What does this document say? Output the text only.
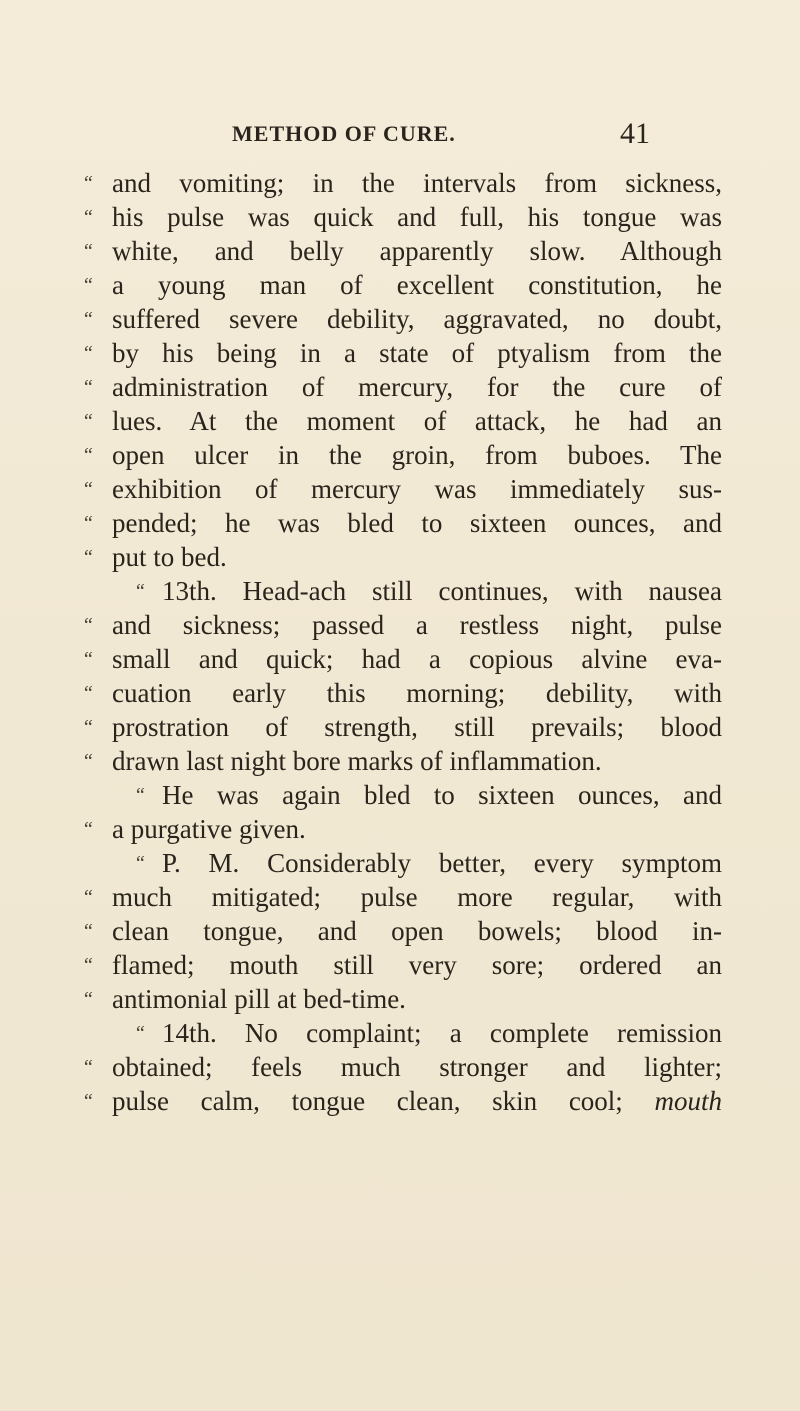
METHOD OF CURE.	41
“ and vomiting; in the intervals from sickness,
“ his pulse was quick and full, his tongue was
“ white, and belly apparently slow. Although
“ a young man of excellent constitution, he
“ suffered severe debility, aggravated, no doubt,
“ by his being in a state of ptyalism from the
“ administration of mercury, for the cure of
“ lues. At the moment of attack, he had an
“ open ulcer in the groin, from buboes. The
“ exhibition of mercury was immediately sus-
“ pended; he was bled to sixteen ounces, and
“ put to bed.
“ 13th. Head-ach still continues, with nausea
“ and sickness; passed a restless night, pulse
“ small and quick; had a copious alvine eva-
“ cuation early this morning; debility, with
“ prostration of strength, still prevails; blood
“ drawn last night bore marks of inflammation.
“ He was again bled to sixteen ounces, and
“ a purgative given.
“ P. M. Considerably better, every symptom
“ much mitigated; pulse more regular, with
“ clean tongue, and open bowels; blood in-
“ flamed; mouth still very sore; ordered an
“ antimonial pill at bed-time.
“ 14th. No complaint; a complete remission
“ obtained; feels much stronger and lighter;
“ pulse calm, tongue clean, skin cool; mouth
